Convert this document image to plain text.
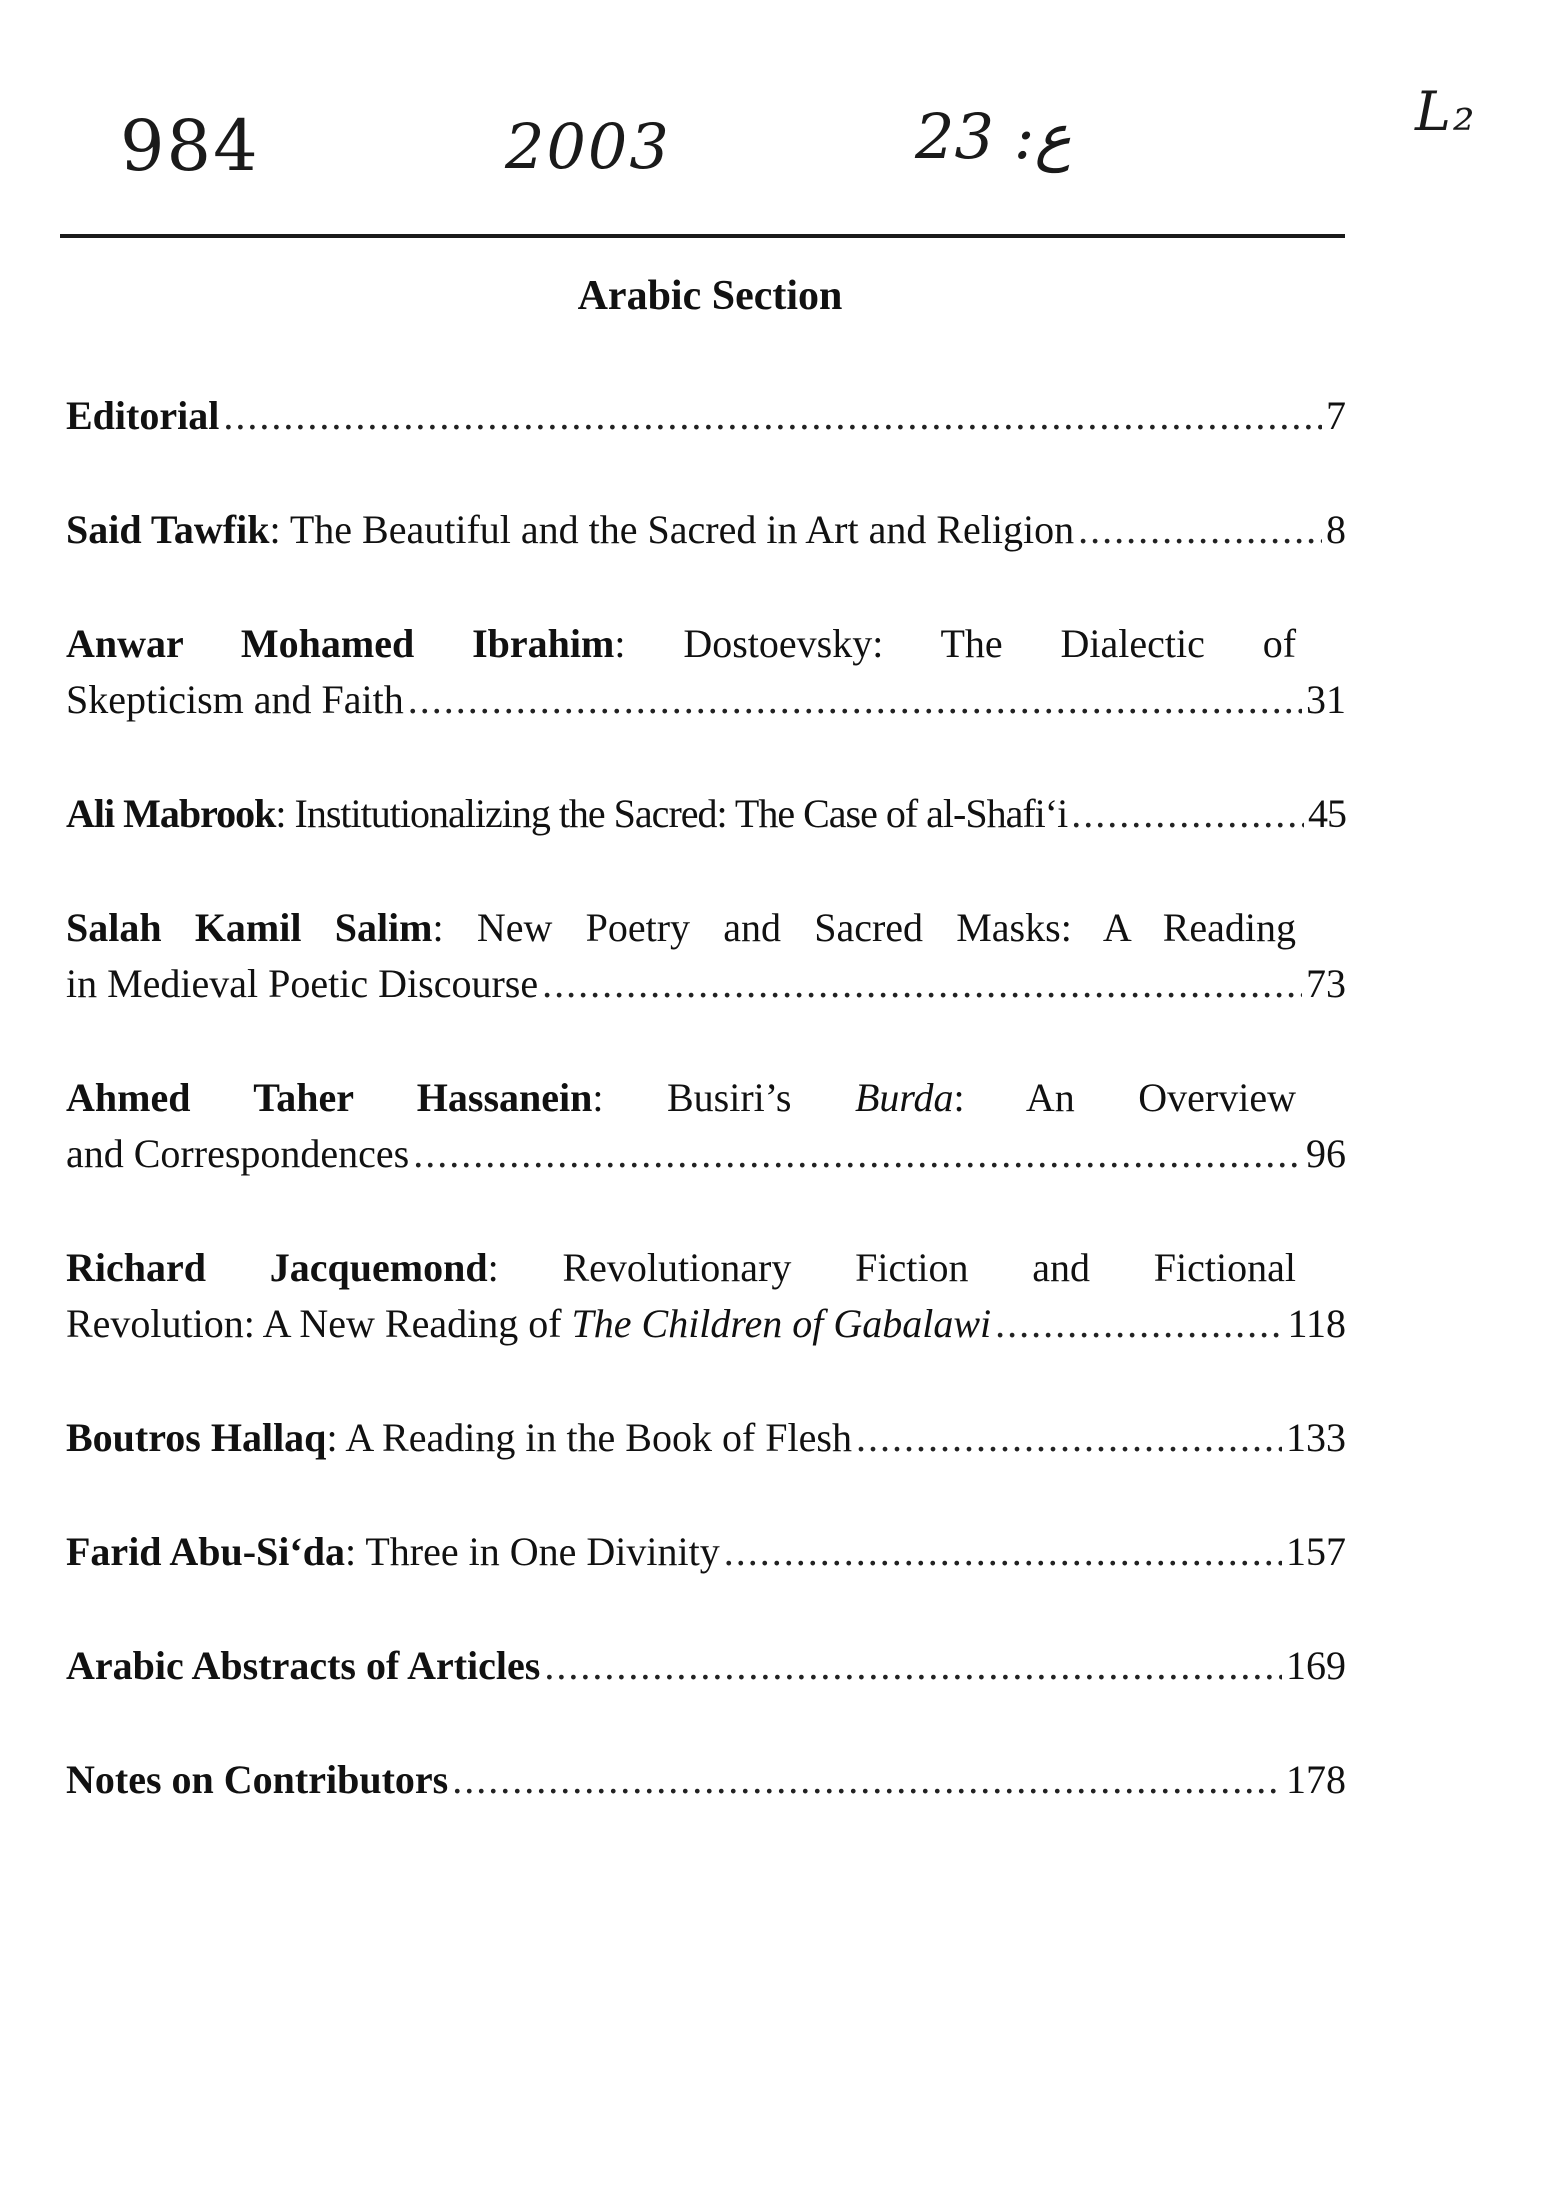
984	2003	ع: 23	L₂
Arabic Section
Editorial .....	7
Said Tawfik: The Beautiful and the Sacred in Art and Religion .....	8
Anwar Mohamed Ibrahim: Dostoevsky: The Dialectic of
Skepticism and Faith .....	31
Ali Mabrook: Institutionalizing the Sacred: The Case of al-Shafi‘i .....	45
Salah Kamil Salim: New Poetry and Sacred Masks: A Reading
in Medieval Poetic Discourse .....	73
Ahmed Taher Hassanein: Busiri’s Burda: An Overview
and Correspondences .....	96
Richard Jacquemond: Revolutionary Fiction and Fictional
Revolution: A New Reading of The Children of Gabalawi .....	118
Boutros Hallaq: A Reading in the Book of Flesh .....	133
Farid Abu-Si‘da: Three in One Divinity .....	157
Arabic Abstracts of Articles .....	169
Notes on Contributors .....	178
